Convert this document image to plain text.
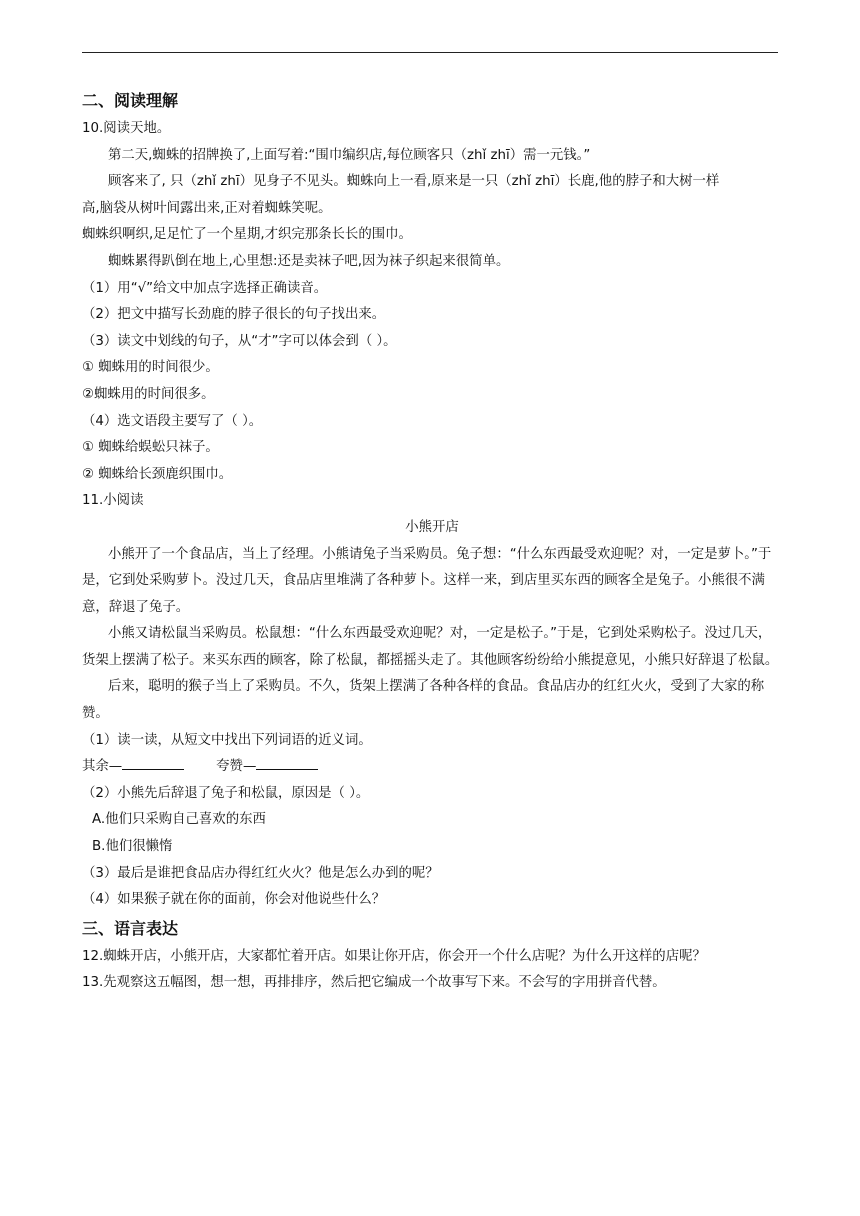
二、阅读理解
10.阅读天地。
第二天,蜘蛛的招牌换了,上面写着:“围巾编织店,每位顾客只（zhǐ zhī）需一元钱。”
顾客来了, 只（zhǐ zhī）见身子不见头。蜘蛛向上一看,原来是一只（zhǐ zhī）长鹿,他的脖子和大树一样
高,脑袋从树叶间露出来,正对着蜘蛛笑呢。
蜘蛛织啊织,足足忙了一个星期,才织完那条长长的围巾。
蜘蛛累得趴倒在地上,心里想:还是卖袜子吧,因为袜子织起来很简单。
（1）用“√”给文中加点字选择正确读音。
（2）把文中描写长劲鹿的脖子很长的句子找出来。
（3）读文中划线的句子，从“才”字可以体会到（ ）。
① 蜘蛛用的时间很少。
②蜘蛛用的时间很多。
（4）选文语段主要写了（ ）。
① 蜘蛛给蜈蚣只袜子。
② 蜘蛛给长颈鹿织围巾。
11.小阅读
小熊开店
小熊开了一个食品店，当上了经理。小熊请兔子当采购员。兔子想：“什么东西最受欢迎呢？对，一定是萝卜。”于是，它到处采购萝卜。没过几天，食品店里堆满了各种萝卜。这样一来，到店里买东西的顾客全是兔子。小熊很不满意，辞退了兔子。
小熊又请松鼠当采购员。松鼠想：“什么东西最受欢迎呢？对，一定是松子。”于是，它到处采购松子。没过几天，货架上摆满了松子。来买东西的顾客，除了松鼠，都摇摇头走了。其他顾客纷纷给小熊提意见，小熊只好辞退了松鼠。
后来，聪明的猴子当上了采购员。不久，货架上摆满了各种各样的食品。食品店办的红红火火，受到了大家的称赞。
（1）读一读，从短文中找出下列词语的近义词。
其余—	夸赞—
（2）小熊先后辞退了兔子和松鼠，原因是（ ）。
A.他们只采购自己喜欢的东西
B.他们很懒惰
（3）最后是谁把食品店办得红红火火？他是怎么办到的呢？
（4）如果猴子就在你的面前，你会对他说些什么？
三、语言表达
12.蜘蛛开店，小熊开店，大家都忙着开店。如果让你开店，你会开一个什么店呢？为什么开这样的店呢？
13.先观察这五幅图，想一想，再排排序，然后把它编成一个故事写下来。不会写的字用拼音代替。
